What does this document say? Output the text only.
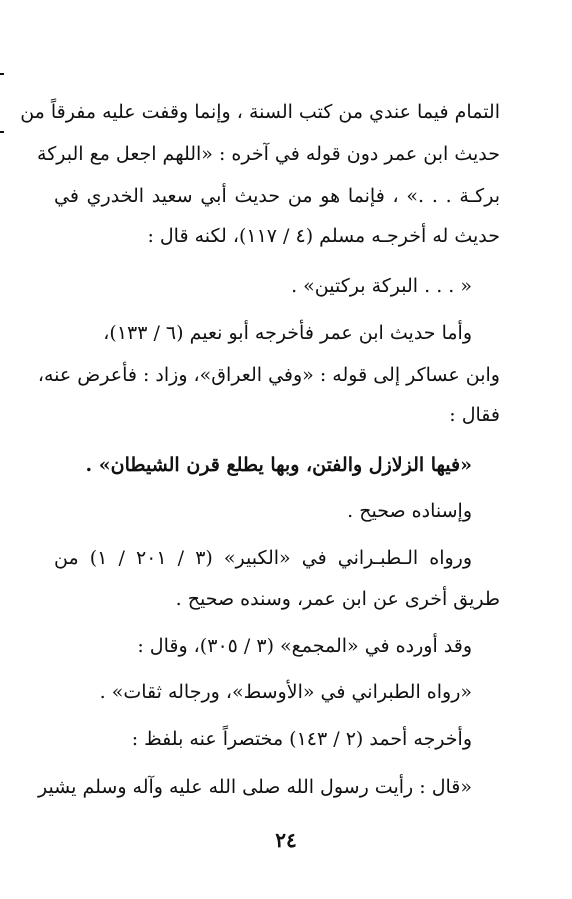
التمام فيما عندي من كتب السنة ، وإنما وقفت عليه مفرقاً من
حديث ابن عمر دون قوله في آخره : «اللهم اجعل مع البركة
بركـة . . .» ، فإنما هو من حديث أبي سعيد الخدري في
حديث له أخرجـه مسلم (٤ / ١١٧)، لكنه قال :
« . . . البركة بركتين» .
وأما حديث ابن عمر فأخرجه أبو نعيم (٦ / ١٣٣)،
وابن عساكر إلى قوله : «وفي العراق»، وزاد : فأعرض عنه،
فقال :
«فيها الزلازل والفتن، وبها يطلع قرن الشيطان» .
وإسناده صحيح .
ورواه الـطبـراني في «الكبير» (٣ / ٢٠١ / ١) من
طريق أخرى عن ابن عمر، وسنده صحيح .
وقد أورده في «المجمع» (٣ / ٣٠٥)، وقال :
«رواه الطبراني في «الأوسط»، ورجاله ثقات» .
وأخرجه أحمد (٢ / ١٤٣) مختصراً عنه بلفظ :
«قال : رأيت رسول الله صلى الله عليه وآله وسلم يشير
٢٤
